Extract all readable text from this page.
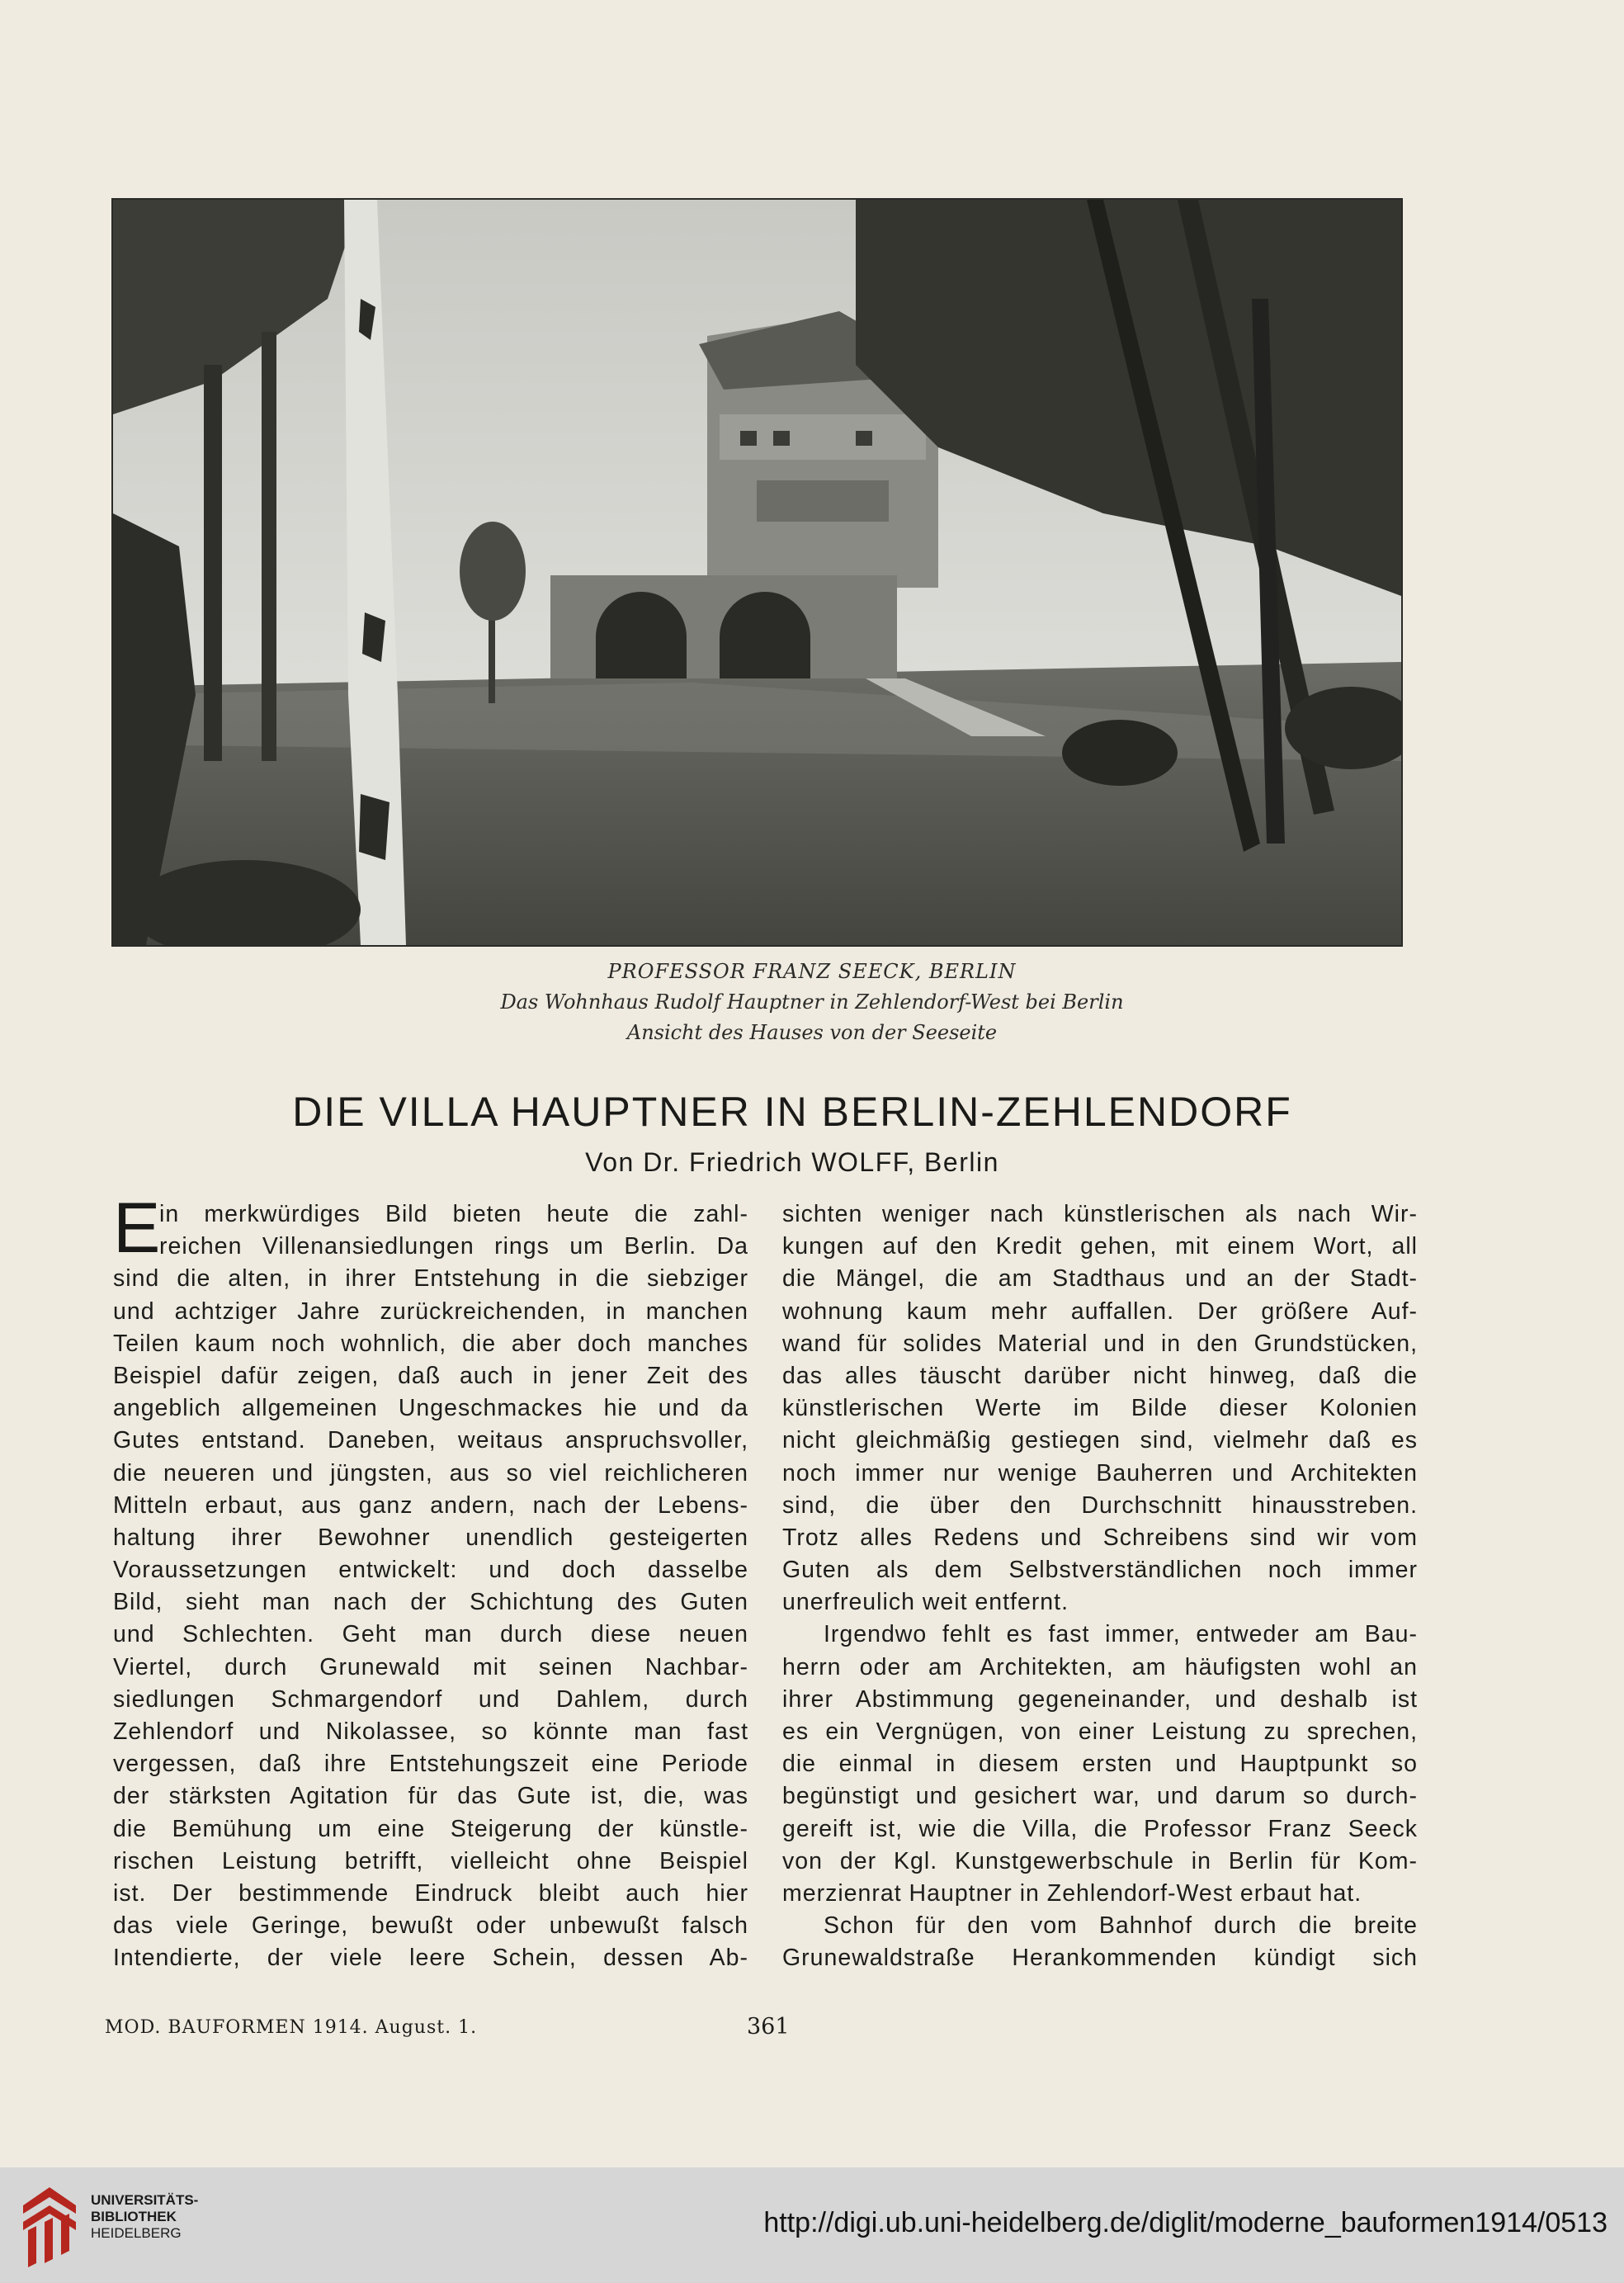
PROFESSOR FRANZ SEECK, BERLIN
Das Wohnhaus Rudolf Hauptner in Zehlendorf-West bei Berlin
Ansicht des Hauses von der Seeseite
DIE VILLA HAUPTNER IN BERLIN-ZEHLENDORF
Von Dr. Friedrich WOLFF, Berlin
E
in merkwürdiges Bild bieten heute die zahl-
reichen Villenansiedlungen rings um Berlin. Da
sind die alten, in ihrer Entstehung in die siebziger
und achtziger Jahre zurückreichenden, in manchen
Teilen kaum noch wohnlich, die aber doch manches
Beispiel dafür zeigen, daß auch in jener Zeit des
angeblich allgemeinen Ungeschmackes hie und da
Gutes entstand. Daneben, weitaus anspruchsvoller,
die neueren und jüngsten, aus so viel reichlicheren
Mitteln erbaut, aus ganz andern, nach der Lebens-
haltung ihrer Bewohner unendlich gesteigerten
Voraussetzungen entwickelt: und doch dasselbe
Bild, sieht man nach der Schichtung des Guten
und Schlechten. Geht man durch diese neuen
Viertel, durch Grunewald mit seinen Nachbar-
siedlungen Schmargendorf und Dahlem, durch
Zehlendorf und Nikolassee, so könnte man fast
vergessen, daß ihre Entstehungszeit eine Periode
der stärksten Agitation für das Gute ist, die, was
die Bemühung um eine Steigerung der künstle-
rischen Leistung betrifft, vielleicht ohne Beispiel
ist. Der bestimmende Eindruck bleibt auch hier
das viele Geringe, bewußt oder unbewußt falsch
Intendierte, der viele leere Schein, dessen Ab-
sichten weniger nach künstlerischen als nach Wir-
kungen auf den Kredit gehen, mit einem Wort, all
die Mängel, die am Stadthaus und an der Stadt-
wohnung kaum mehr auffallen. Der größere Auf-
wand für solides Material und in den Grundstücken,
das alles täuscht darüber nicht hinweg, daß die
künstlerischen Werte im Bilde dieser Kolonien
nicht gleichmäßig gestiegen sind, vielmehr daß es
noch immer nur wenige Bauherren und Architekten
sind, die über den Durchschnitt hinausstreben.
Trotz alles Redens und Schreibens sind wir vom
Guten als dem Selbstverständlichen noch immer
unerfreulich weit entfernt.
Irgendwo fehlt es fast immer, entweder am Bau-
herrn oder am Architekten, am häufigsten wohl an
ihrer Abstimmung gegeneinander, und deshalb ist
es ein Vergnügen, von einer Leistung zu sprechen,
die einmal in diesem ersten und Hauptpunkt so
begünstigt und gesichert war, und darum so durch-
gereift ist, wie die Villa, die Professor Franz Seeck
von der Kgl. Kunstgewerbschule in Berlin für Kom-
merzienrat Hauptner in Zehlendorf-West erbaut hat.
Schon für den vom Bahnhof durch die breite
Grunewaldstraße Herankommenden kündigt sich
MOD. BAUFORMEN 1914. August. 1.	361
UNIVERSITÄTS-
BIBLIOTHEK
HEIDELBERG	http://digi.ub.uni-heidelberg.de/diglit/moderne_bauformen1914/0513
